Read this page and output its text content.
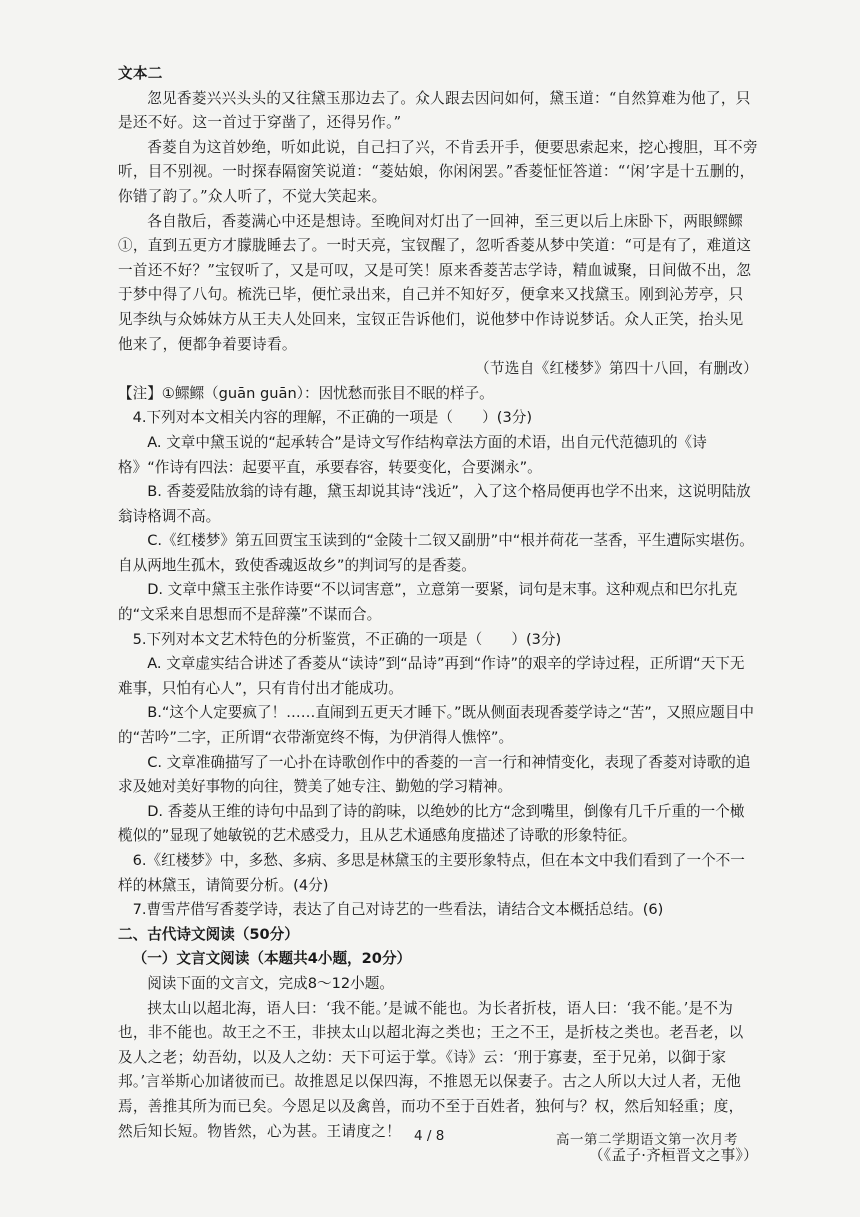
文本二

忽见香菱兴兴头头的又往黛玉那边去了。众人跟去因问如何，黛玉道：“自然算难为他了，只是还不好。这一首过于穿凿了，还得另作。”

香菱自为这首妙绝，听如此说，自己扫了兴，不肯丢开手，便要思索起来，挖心搜胆，耳不旁听，目不别视。一时探春隔窗笑说道：“菱姑娘，你闲闲罢。”香菱怔怔答道：“‘闲’字是十五删的，你错了韵了。”众人听了，不觉大笑起来。

各自散后，香菱满心中还是想诗。至晚间对灯出了一回神，至三更以后上床卧下，两眼鳏鳏①，直到五更方才朦胧睡去了。一时天亮，宝钗醒了，忽听香菱从梦中笑道：“可是有了，难道这一首还不好？”宝钗听了，又是可叹，又是可笑！原来香菱苦志学诗，精血诚聚，日间做不出，忽于梦中得了八句。梳洗已毕，便忙录出来，自己并不知好歹，便拿来又找黛玉。刚到沁芳亭，只见李纨与众姊妹方从王夫人处回来，宝钗正告诉他们，说他梦中作诗说梦话。众人正笑，抬头见他来了，便都争着要诗看。

（节选自《红楼梦》第四十八回，有删改）

【注】①鳏鳏（guān guān）：因忧愁而张目不眠的样子。

4.下列对本文相关内容的理解，不正确的一项是（　　）(3分)

A. 文章中黛玉说的“起承转合”是诗文写作结构章法方面的术语，出自元代范德玑的《诗格》“作诗有四法：起要平直，承要春容，转要变化，合要渊永”。

B. 香菱爱陆放翁的诗有趣，黛玉却说其诗“浅近”，入了这个格局便再也学不出来，这说明陆放翁诗格调不高。

C.《红楼梦》第五回贾宝玉读到的“金陵十二钗又副册”中“根并荷花一茎香，平生遭际实堪伤。自从两地生孤木，致使香魂返故乡”的判词写的是香菱。

D. 文章中黛玉主张作诗要“不以词害意”，立意第一要紧，词句是末事。这种观点和巴尔扎克的“文采来自思想而不是辞藻”不谋而合。

5.下列对本文艺术特色的分析鉴赏，不正确的一项是（　　）(3分)

A. 文章虚实结合讲述了香菱从“读诗”到“品诗”再到“作诗”的艰辛的学诗过程，正所谓“天下无难事，只怕有心人”，只有肯付出才能成功。

B.“这个人定要疯了！……直闹到五更天才睡下。”既从侧面表现香菱学诗之“苦”，又照应题目中的“苦吟”二字，正所谓“衣带渐宽终不悔，为伊消得人憔悴”。

C. 文章准确描写了一心扑在诗歌创作中的香菱的一言一行和神情变化，表现了香菱对诗歌的追求及她对美好事物的向往，赞美了她专注、勤勉的学习精神。

D. 香菱从王维的诗句中品到了诗的韵味，以绝妙的比方“念到嘴里，倒像有几千斤重的一个橄榄似的”显现了她敏锐的艺术感受力，且从艺术通感角度描述了诗歌的形象特征。

6.《红楼梦》中，多愁、多病、多思是林黛玉的主要形象特点，但在本文中我们看到了一个不一样的林黛玉，请简要分析。(4分)

7.曹雪芹借写香菱学诗，表达了自己对诗艺的一些看法，请结合文本概括总结。(6)

二、古代诗文阅读（50分）

（一）文言文阅读（本题共4小题，20分）

阅读下面的文言文，完成8～12小题。

挟太山以超北海，语人曰：‘我不能。’是诚不能也。为长者折枝，语人曰：‘我不能。’是不为也，非不能也。故王之不王，非挟太山以超北海之类也；王之不王，是折枝之类也。老吾老，以及人之老；幼吾幼，以及人之幼：天下可运于掌。《诗》云：‘刑于寡妻，至于兄弟，以御于家邦。’言举斯心加诸彼而已。故推恩足以保四海，不推恩无以保妻子。古之人所以大过人者，无他焉，善推其所为而已矣。今恩足以及禽兽，而功不至于百姓者，独何与？权，然后知轻重；度，然后知长短。物皆然，心为甚。王请度之！

（《孟子·齐桓晋文之事》）

4 / 8	高一第二学期语文第一次月考
